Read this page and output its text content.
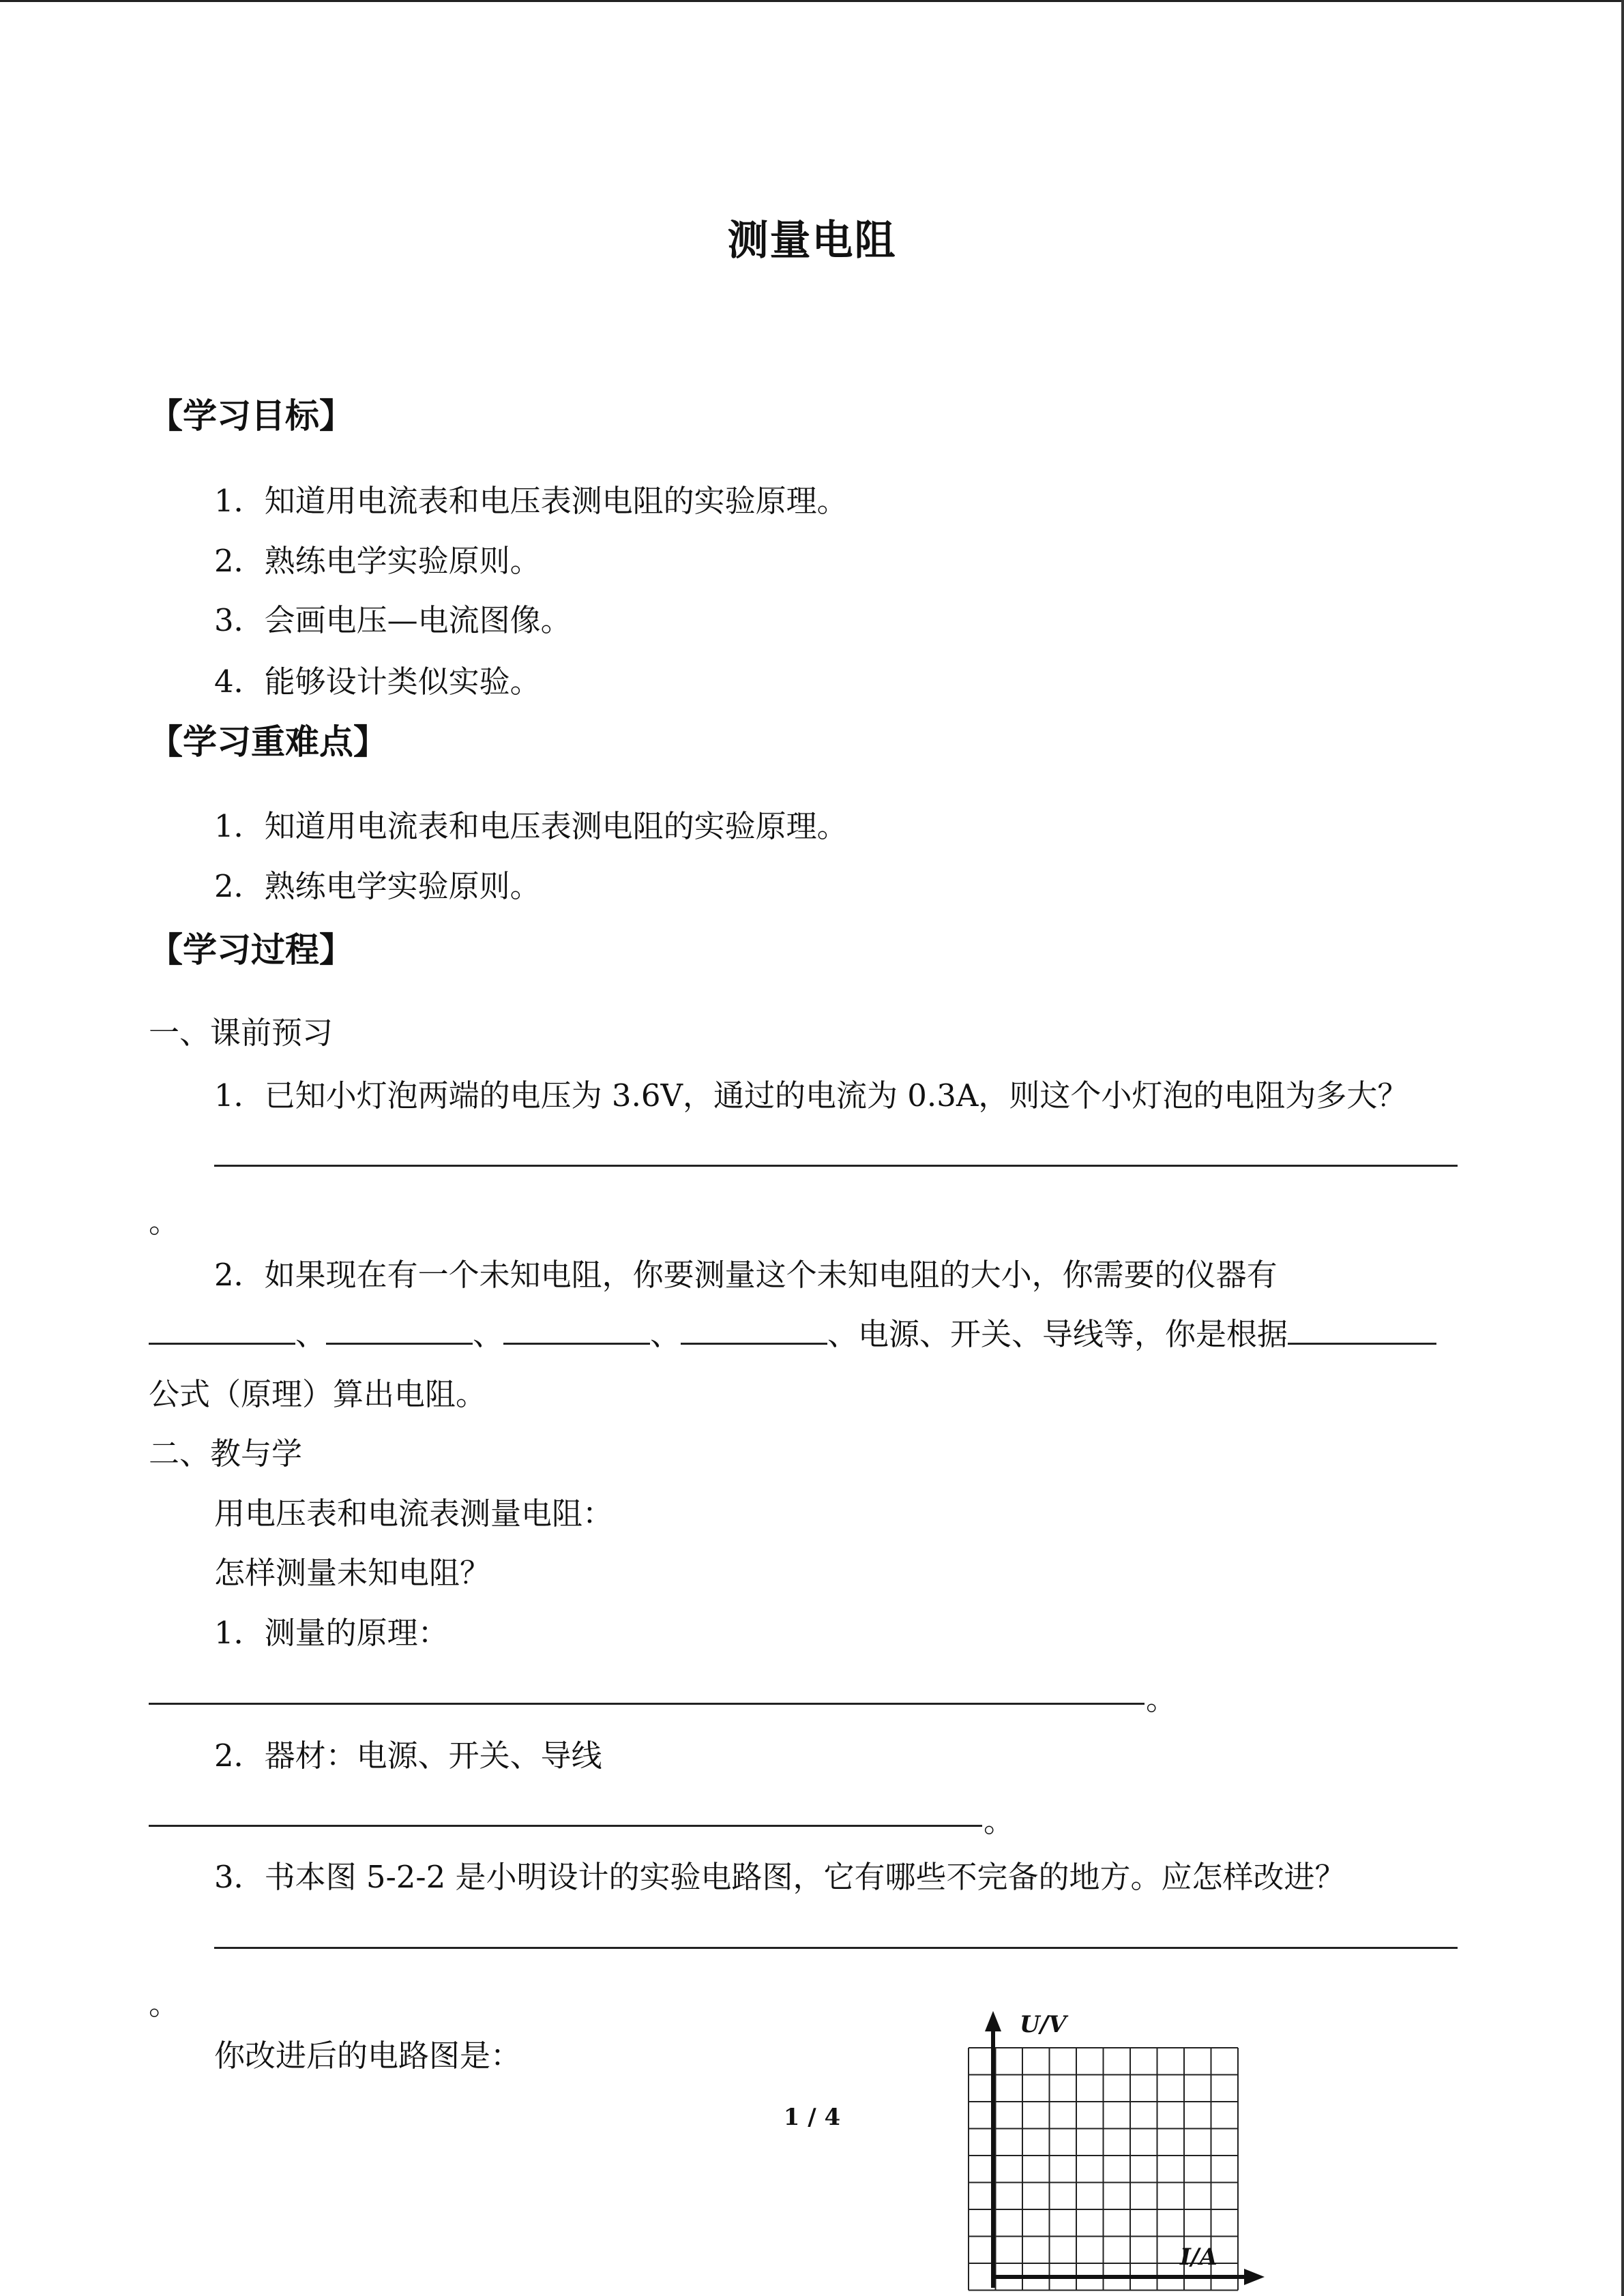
测量电阻
【学习目标】
1．知道用电流表和电压表测电阻的实验原理。
2．熟练电学实验原则。
3．会画电压—电流图像。
4．能够设计类似实验。
【学习重难点】
1．知道用电流表和电压表测电阻的实验原理。
2．熟练电学实验原则。
【学习过程】
一、课前预习
1．已知小灯泡两端的电压为 3.6V，通过的电流为 0.3A，则这个小灯泡的电阻为多大？
。
2．如果现在有一个未知电阻，你要测量这个未知电阻的大小，你需要的仪器有
、	、	、	、电源、开关、导线等，你是根据
公式（原理）算出电阻。
二、教与学
用电压表和电流表测量电阻：
怎样测量未知电阻？
1．测量的原理：
。
2．器材：电源、开关、导线
。
3．书本图 5-2-2 是小明设计的实验电路图，它有哪些不完备的地方。应怎样改进？
。
你改进后的电路图是：
1 / 4
U/V
I/A
